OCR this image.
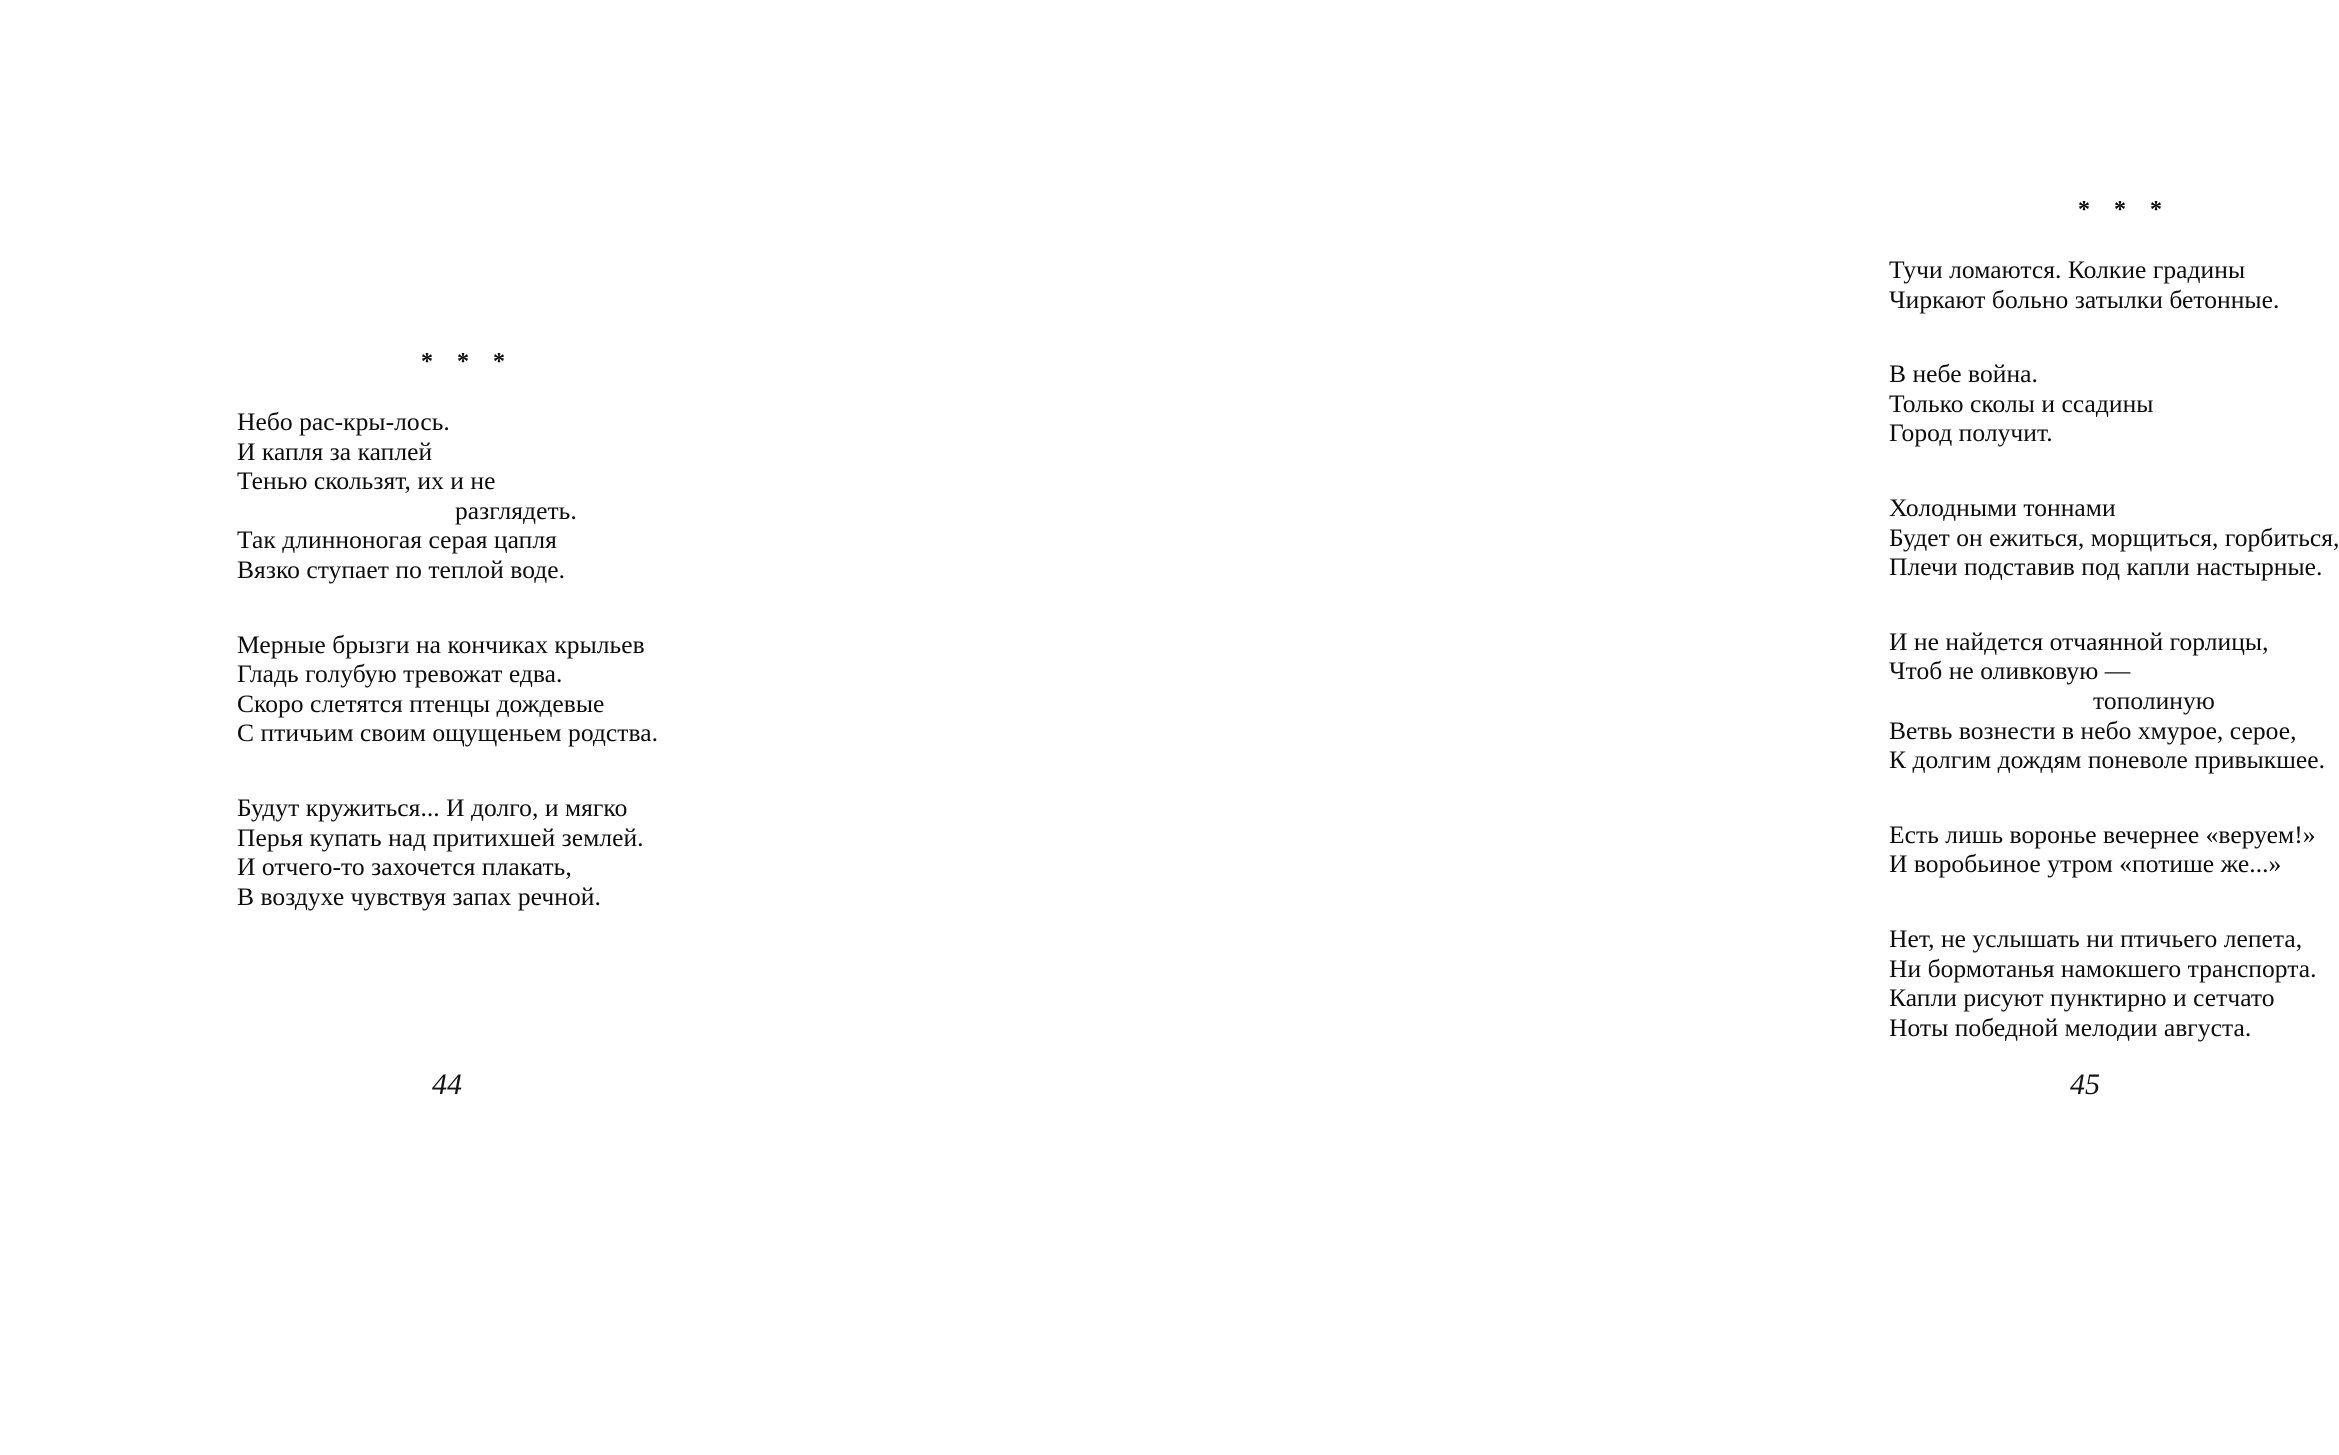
* * *
Небо рас-кры-лось.
И капля за каплей
Тенью скользят, их и не
разглядеть.
Так длинноногая серая цапля
Вязко ступает по теплой воде.
Мерные брызги на кончиках крыльев
Гладь голубую тревожат едва.
Скоро слетятся птенцы дождевые
С птичьим своим ощущеньем родства.
Будут кружиться... И долго, и мягко
Перья купать над притихшей землей.
И отчего-то захочется плакать,
В воздухе чувствуя запах речной.
44
* * *
Тучи ломаются. Колкие градины
Чиркают больно затылки бетонные.
В небе война.
Только сколы и ссадины
Город получит.
Холодными тоннами
Будет он ежиться, морщиться, горбиться,
Плечи подставив под капли настырные.
И не найдется отчаянной горлицы,
Чтоб не оливковую —
тополиную
Ветвь вознести в небо хмурое, серое,
К долгим дождям поневоле привыкшее.
Есть лишь воронье вечернее «веруем!»
И воробьиное утром «потише же...»
Нет, не услышать ни птичьего лепета,
Ни бормотанья намокшего транспорта.
Капли рисуют пунктирно и сетчато
Ноты победной мелодии августа.
45
